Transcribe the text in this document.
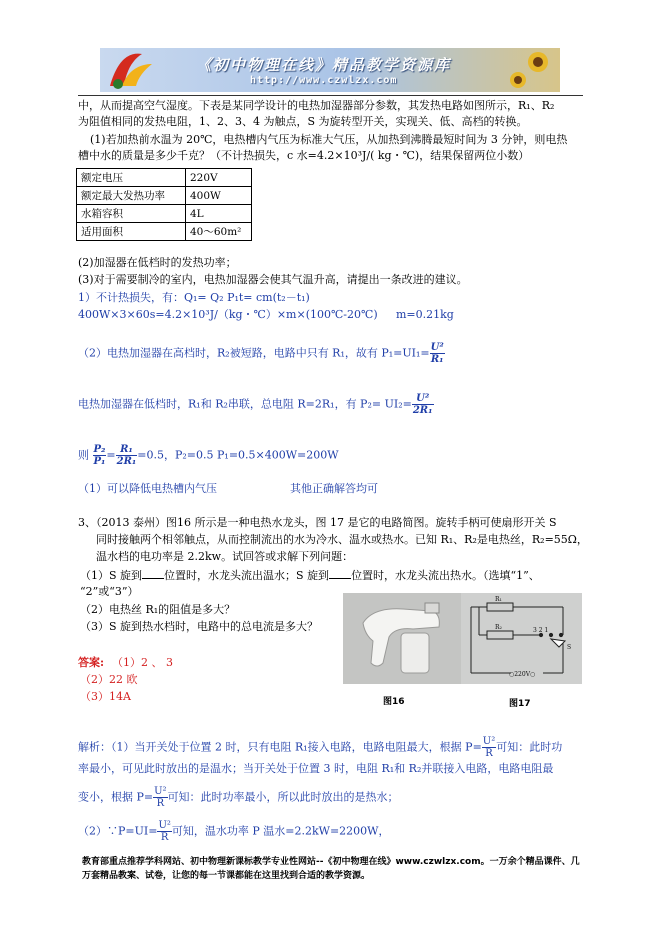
《初中物理在线》精品教学资源库
http://www.czwlzx.com
中，从而提高空气湿度。下表是某同学设计的电热加湿器部分参数，其发热电路如图所示，R₁、R₂
为阻值相同的发热电阻，1、2、3、4 为触点，S 为旋转型开关，实现关、低、高档的转换。
(1)若加热前水温为 20℃，电热槽内气压为标准大气压，从加热到沸腾最短时间为 3 分钟，则电热
槽中水的质量是多少千克？（不计热损失，c 水=4.2×10³J/( kg・℃)，结果保留两位小数）
额定电压	220V
额定最大发热功率	400W
水箱容积	4L
适用面积	40～60m²
(2)加湿器在低档时的发热功率；
(3)对于需要制冷的室内，电热加湿器会使其气温升高，请提出一条改进的建议。
1）不计热损失，有：Q₁= Q₂ P₁t= cm(t₂－t₁)
400W×3×60s=4.2×10³J/（kg・℃）×m×(100℃-20℃) m=0.21kg
（2）电热加湿器在高档时，R₂被短路，电路中只有 R₁，故有 $P_1=UI_1= \frac{\text{U²}}{\text{R₁}}$
电热加湿器在低档时，R₁和 R₂串联，总电阻 R=2R₁，有 $P_2= UI_2= \frac{\text{U²}}{\text{2R₁}}$
则 $\frac{\text{P₂}}{\text{P₁}} = \frac{\text{R₁}}{\text{2R₁}} =0.5$，P₂=0.5 P₁=0.5×400W=200W
（1）可以降低电热槽内气压	其他正确解答均可
3、（2013 泰州）图16 所示是一种电热水龙头，图 17 是它的电路简图。旋转手柄可使扇形开关 S
同时接触两个相邻触点，从而控制流出的水为冷水、温水或热水。已知 R₁、R₂是电热丝，R₂=55Ω，
温水档的电功率是 2.2kw。试回答或求解下列问题：
（1）S 旋到 位置时，水龙头流出温水；S 旋到 位置时，水龙头流出热水。（选填“1”、
“2”或“3”）
（2）电热丝 R₁的阻值是多大？
（3）S 旋到热水档时，电路中的总电流是多大？
R₁
R₂	3 2 1
S
○220V○
图16	图17
答案: （1）2 、 3
（2）22 欧
（3）14A
解析：（1）当开关处于位置 2 时，只有电阻 R₁接入电路，电路电阻最大，根据 $P= \frac{\text{U²}}{R}$ 可知：此时功
率最小，可见此时放出的是温水；当开关处于位置 3 时，电阻 R₁和 R₂并联接入电路，电路电阻最
变小，根据 $P= \frac{\text{U²}}{R}$ 可知：此时功率最小，所以此时放出的是热水；
（2）∵P=UI= $\frac{\text{U²}}{R}$ 可知，温水功率 P 温水=2.2kW=2200W，
教育部重点推荐学科网站、初中物理新课标教学专业性网站--《初中物理在线》www.czwlzx.com。一万余个精品课件、几万套精品教案、试卷，让您的每一节课都能在这里找到合适的教学资源。
